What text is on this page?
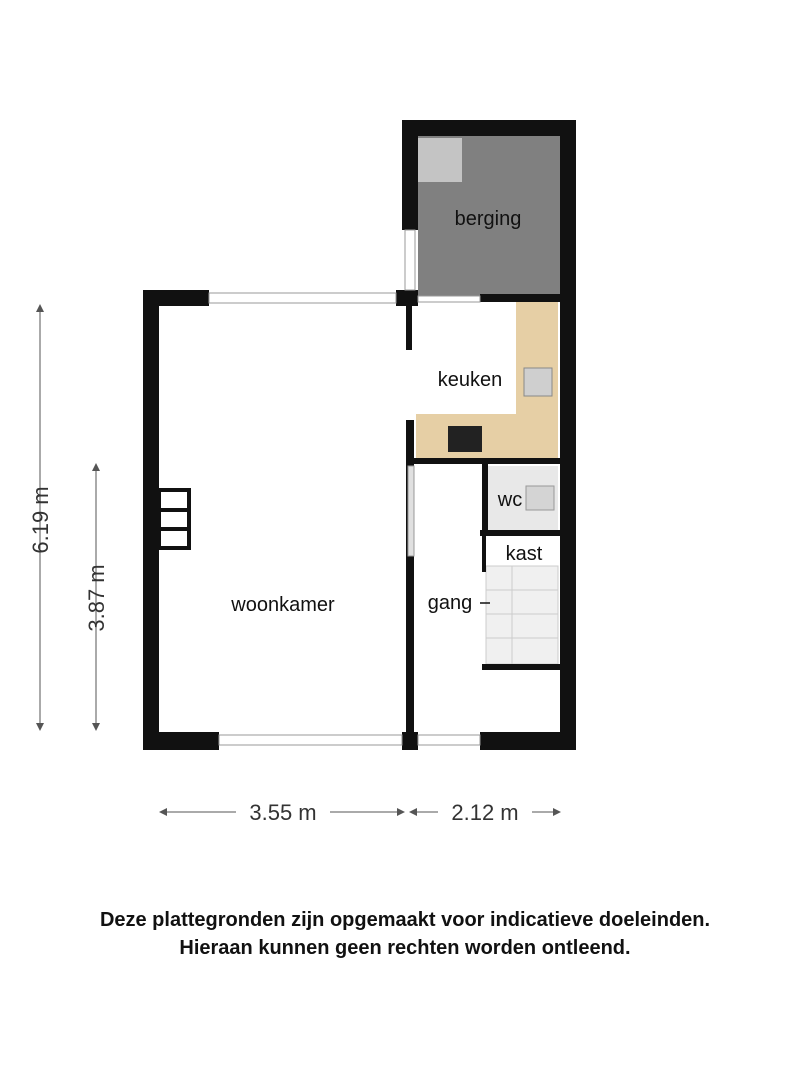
berging
keuken
wc
kast
gang
woonkamer
6.19 m
3.87 m
3.55 m	2.12 m
Deze plattegronden zijn opgemaakt voor indicatieve doeleinden.
Hieraan kunnen geen rechten worden ontleend.
